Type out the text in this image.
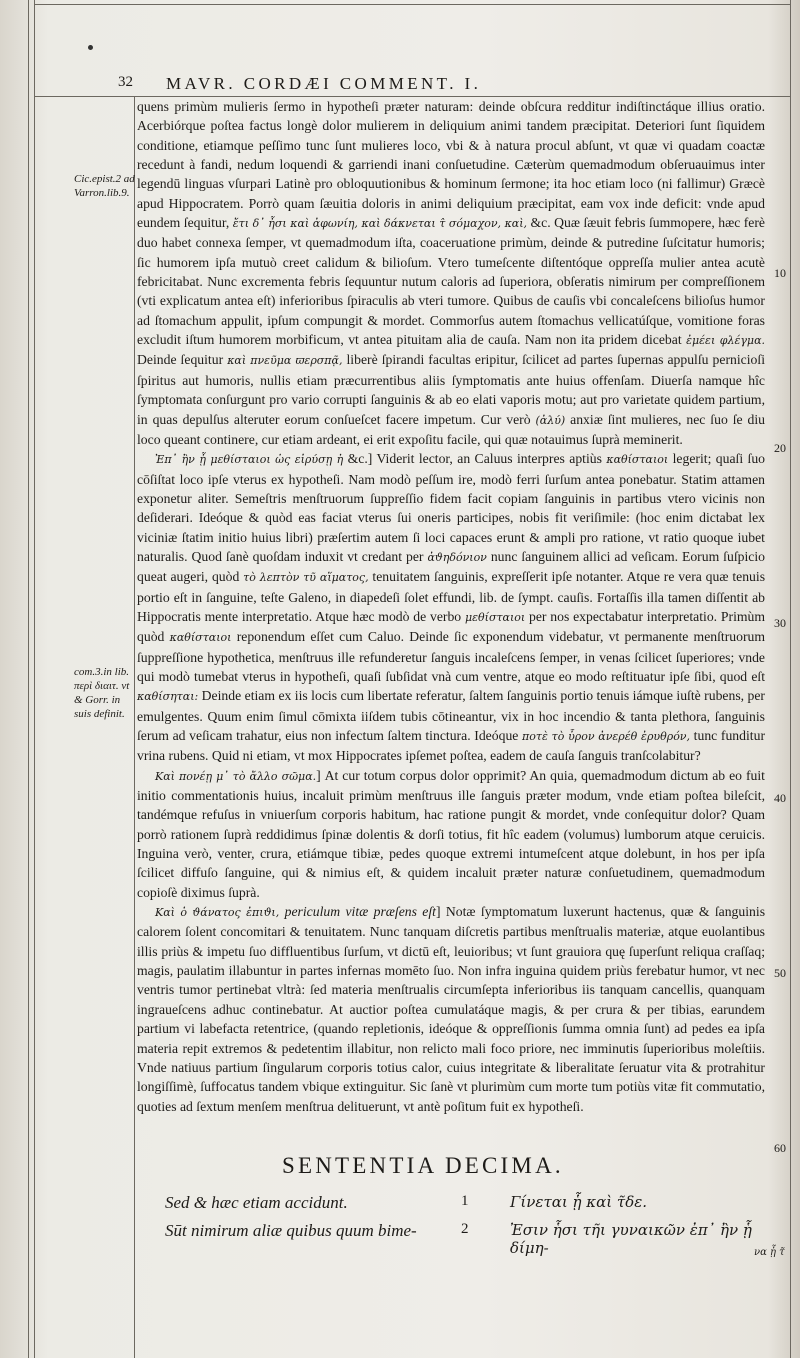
32 MAVR. CORDÆI COMMENT. I.
Cic.epist.2 ad Varron.lib.9.
com.3.in lib. περὶ διαιτ. vt & Gorr. in suis definit.
10
20
30
40
50
60

quens primùm mulieris ſermo in hypotheſi præter naturam: deinde obſcura redditur indiſtinctáque illius oratio. Acerbiórque poſtea factus longè dolor mulierem in deliquium animi tandem præcipitat. Deteriori ſunt ſiquidem conditione, etiamque peſſimo tunc ſunt mulieres loco, vbi & à natura procul abſunt, vt quæ vi quadam coactæ recedunt à fandi, nedum loquendi & garriendi inani conſuetudine. Cæterùm quemadmodum obſeruauimus inter legendū linguas vſurpari Latinè pro obloquutionibus & hominum ſermone; ita hoc etiam loco (ni fallimur) Græcè apud Hippocratem. Porrò quam ſæuitia doloris in animi deliquium præcipitat, eam vox inde deficit: vnde apud eundem ſequitur, ἔτι δ᾽ ἦσι καὶ ἀφωνίη, καὶ δάκνεται τ̂ σόμαχον, καὶ, &c. Quæ ſæuit febris ſummopere, hæc ferè duo habet connexa ſemper, vt quemadmodum iſta, coaceruatione primùm, deinde & putredine ſuſcitatur humoris; ſic humorem ipſa mutuò creet calidum & bilioſum. Vtero tumeſcente diſtentóque oppreſſa mulier antea acutè febricitabat. Nunc excrementa febris ſequuntur nutum caloris ad ſuperiora, obſeratis nimirum per compreſſionem (vti explicatum antea eſt) inferioribus ſpiraculis ab vteri tumore. Quibus de cauſis vbi concaleſcens bilioſus humor ad ſtomachum appulit, ipſum compungit & mordet. Commorſus autem ſtomachus vellicatúſque, vomitione foras excludit iſtum humorem morbificum, vt antea pituitam alia de cauſa. Nam non ita pridem dicebat ἐμέει φλέγμα. Deinde ſequitur καὶ πνεῦμα ϖερσπᾷ, liberè ſpirandi facultas eripitur, ſcilicet ad partes ſupernas appulſu pernicioſi ſpiritus aut humoris, nullis etiam præcurrentibus aliis ſymptomatis ante huius offenſam. Diuerſa namque hîc ſymptomata conſurgunt pro vario corrupti ſanguinis & ab eo elati vaporis motu; aut pro varietate quidem partium, in quas depulſus alteruter eorum conſueſcet facere impetum. Cur verò (ἀλύ) anxiæ ſint mulieres, nec ſuo ſe diu loco queant continere, cur etiam ardeant, ei erit expoſitu facile, qui quæ notauimus ſuprà meminerit.

Ἐπ᾽ ἢν ᾗ μεθίσταιοι ὡς εἰρύσῃ ἡ &c.] Viderit lector, an Caluus interpres aptiùs καθίσταιοι legerit; quaſi ſuo cōſiſtat loco ipſe vterus ex hypotheſi. Nam modò peſſum ire, modò ferri ſurſum antea ponebatur. Statim attamen exponetur aliter. Semeſtris menſtruorum ſuppreſſio fidem facit copiam ſanguinis in partibus vtero vicinis non deſiderari. Ideóque & quòd eas faciat vterus ſui oneris participes, nobis fit veriſimile: (hoc enim dictabat lex viciniæ ſtatim initio huius libri) præſertim autem ſi loci capaces erunt & ampli pro ratione, vt ratio quoque iubet naturalis. Quod ſanè quoſdam induxit vt credant per ἀϑηδόνιον nunc ſanguinem allici ad veſicam. Eorum ſuſpicio queat augeri, quòd τὸ λεπτὸν τῦ αἵματος, tenuitatem ſanguinis, expreſſerit ipſe notanter. Atque re vera quæ tenuis portio eſt in ſanguine, teſte Galeno, in diapedeſi ſolet effundi, lib. de ſympt. cauſis. Fortaſſis illa tamen diſſentit ab Hippocratis mente interpretatio. Atque hæc modò de verbo μεθίσταιοι per nos expectabatur interpretatio. Primùm quòd καθίσταιοι reponendum eſſet cum Caluo. Deinde ſic exponendum videbatur, vt permanente menſtruorum ſuppreſſione hypothetica, menſtruus ille refunderetur ſanguis incaleſcens ſemper, in venas ſcilicet ſuperiores; vnde qui modò tumebat vterus in hypotheſi, quaſi ſubſidat vnà cum ventre, atque eo modo reſtituatur ipſe ſibi, quod eſt καθίσηται: Deinde etiam ex iis locis cum libertate referatur, ſaltem ſanguinis portio tenuis iámque iuſtè rubens, per emulgentes. Quum enim ſimul cōmixta iiſdem tubis cōtineantur, vix in hoc incendio & tanta plethora, ſanguinis ſerum ad veſicam trahatur, eius non infectum ſaltem tinctura. Ideóque ποτὲ τὸ ὖρον ἀνερέθ ἐρυθρόν, tunc funditur vrina rubens. Quid ni etiam, vt mox Hippocrates ipſemet poſtea, eadem de cauſa ſanguis tranſcolabitur?

Καὶ πονέῃ μ᾽ τὸ ἄλλο σῶμα.] At cur totum corpus dolor opprimit? An quia, quemadmodum dictum ab eo fuit initio commentationis huius, incaluit primùm menſtruus ille ſanguis præter modum, vnde etiam poſtea bileſcit, tandémque refuſus in vniuerſum corporis habitum, hac ratione pungit & mordet, vnde conſequitur dolor? Quam porrò rationem ſuprà reddidimus ſpinæ dolentis & dorſi totius, fit hîc eadem (volumus) lumborum atque ceruicis. Inguina verò, venter, crura, etiámque tibiæ, pedes quoque extremi intumeſcent atque dolebunt, in hos per ipſa ſcilicet diffuſo ſanguine, qui & nimius eſt, & quidem incaluit præter naturæ conſuetudinem, quemadmodum copioſè diximus ſuprà.

Καὶ ὁ ϑάνατος ἐπιϑι, periculum vitæ præſens eſt] Notæ ſymptomatum luxerunt hactenus, quæ & ſanguinis calorem ſolent concomitari & tenuitatem. Nunc tanquam diſcretis partibus menſtrualis materiæ, atque euolantibus illis priùs & impetu ſuo diffluentibus ſurſum, vt dictū eſt, leuioribus; vt ſunt grauiora quę ſuperſunt reliqua craſſaq; magis, paulatim illabuntur in partes infernas momēto ſuo. Non infra inguina quidem priùs ferebatur humor, vt nec ventris tumor pertinebat vltrà: ſed materia menſtrualis circumſepta inferioribus iis tanquam cancellis, quanquam ingraueſcens adhuc continebatur. At auctior poſtea cumulatáque magis, & per crura & per tibias, earundem partium vi labefacta retentrice, (quando repletionis, ideóque & oppreſſionis ſumma omnia ſunt) ad pedes ea ipſa materia repit extremos & pedetentim illabitur, non relicto mali foco priore, nec imminutis ſuperioribus moleſtiis. Vnde natiuus partium ſingularum corporis totius calor, cuius integritate & liberalitate ſeruatur vita & protrahitur longiſſimè, ſuffocatus tandem vbique extinguitur. Sic ſanè vt plurimùm cum morte tum potiùs vitæ fit commutatio, quoties ad ſextum menſem menſtrua delituerunt, vt antè poſitum fuit ex hypotheſi.

SENTENTIA DECIMA.
Sed & hæc etiam accidunt.	1	Γίνεται ᾗ καὶ τ̃δε.
Sūt nimirum aliæ quibus quum bime-	2	Ἐσιν ἧσι τῆι γυναικῶν ἐπ᾽ ἢν ᾗ δίμη-	να ᾗ τ̃
